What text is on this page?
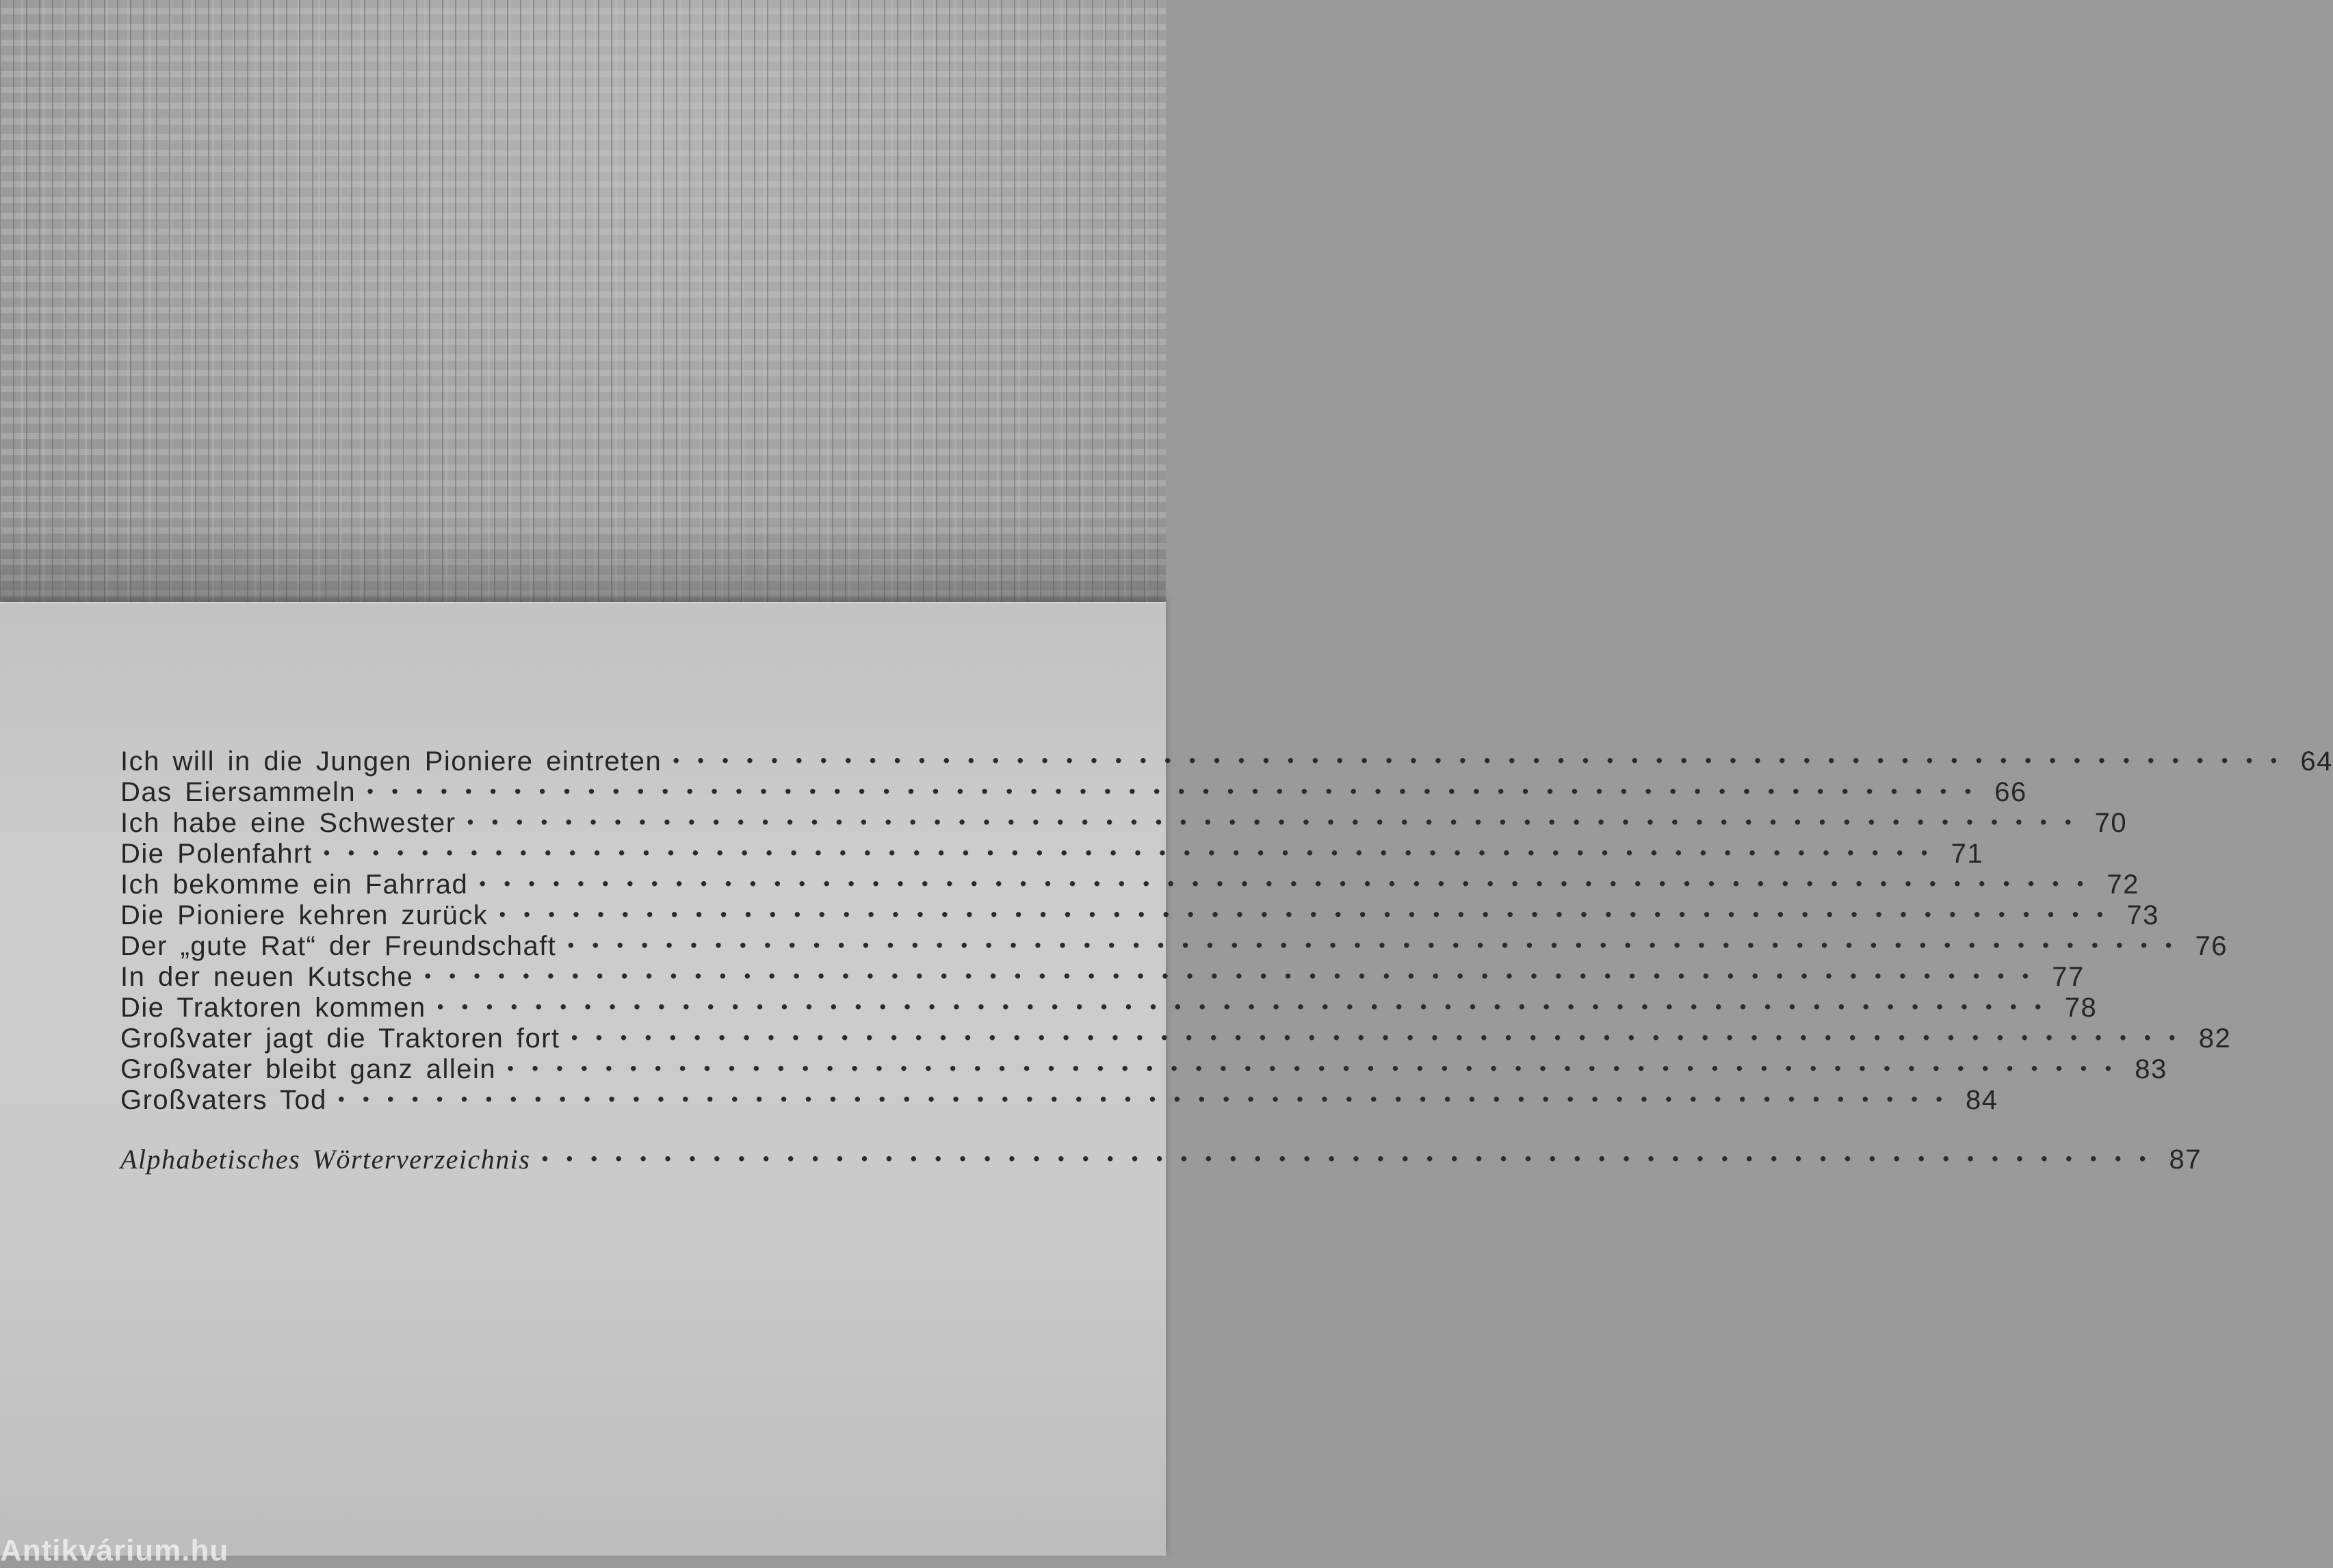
Ich will in die Jungen Pioniere eintreten ·································································· 64
Das Eiersammeln ·································································· 66
Ich habe eine Schwester ·································································· 70
Die Polenfahrt ·································································· 71
Ich bekomme ein Fahrrad ·································································· 72
Die Pioniere kehren zurück ·································································· 73
Der „gute Rat“ der Freundschaft ·································································· 76
In der neuen Kutsche ·································································· 77
Die Traktoren kommen ·································································· 78
Großvater jagt die Traktoren fort ·································································· 82
Großvater bleibt ganz allein ·································································· 83
Großvaters Tod ·································································· 84
Alphabetisches Wörterverzeichnis ·································································· 87
Antikvárium.hu
